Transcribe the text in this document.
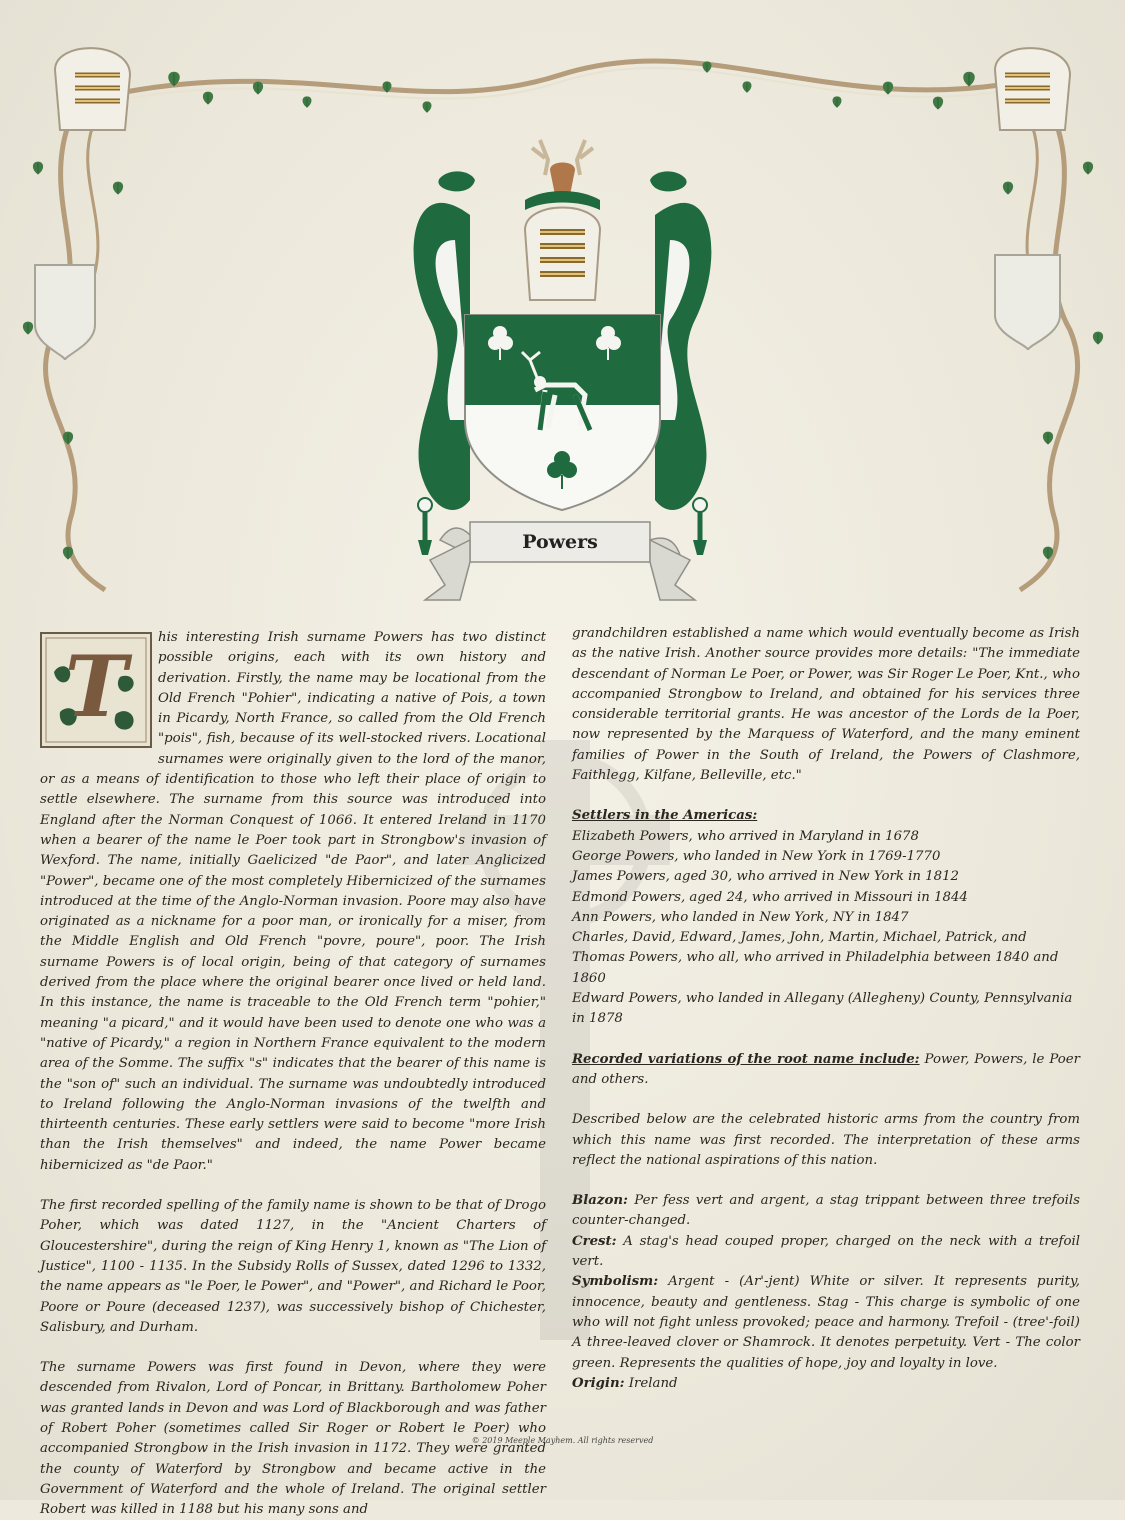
Powers
T	his interesting Irish surname Powers has two distinct possible origins, each with its own history and derivation. Firstly, the name may be locational from the Old French "Pohier", indicating a native of Pois, a town in Picardy, North France, so called from the Old French "pois", fish, because of its well-stocked rivers. Locational surnames were originally given to the lord of the manor, or as a means of identification to those who left their place of origin to settle elsewhere. The surname from this source was introduced into England after the Norman Conquest of 1066. It entered Ireland in 1170 when a bearer of the name le Poer took part in Strongbow's invasion of Wexford. The name, initially Gaelicized "de Paor", and later Anglicized "Power", became one of the most completely Hibernicized of the surnames introduced at the time of the Anglo-Norman invasion. Poore may also have originated as a nickname for a poor man, or ironically for a miser, from the Middle English and Old French "povre, poure", poor. The Irish surname Powers is of local origin, being of that category of surnames derived from the place where the original bearer once lived or held land. In this instance, the name is traceable to the Old French term "pohier," meaning "a picard," and it would have been used to denote one who was a "native of Picardy," a region in Northern France equivalent to the modern area of the Somme. The suffix "s" indicates that the bearer of this name is the "son of" such an individual. The surname was undoubtedly introduced to Ireland following the Anglo-Norman invasions of the twelfth and thirteenth centuries. These early settlers were said to become "more Irish than the Irish themselves" and indeed, the name Power became hibernicized as "de Paor."

The first recorded spelling of the family name is shown to be that of Drogo Poher, which was dated 1127, in the "Ancient Charters of Gloucestershire", during the reign of King Henry 1, known as "The Lion of Justice", 1100 - 1135. In the Subsidy Rolls of Sussex, dated 1296 to 1332, the name appears as "le Poer, le Power", and "Power", and Richard le Poor, Poore or Poure (deceased 1237), was successively bishop of Chichester, Salisbury, and Durham.

The surname Powers was first found in Devon, where they were descended from Rivalon, Lord of Poncar, in Brittany. Bartholomew Poher was granted lands in Devon and was Lord of Blackborough and was father of Robert Poher (sometimes called Sir Roger or Robert le Poer) who accompanied Strongbow in the Irish invasion in 1172. They were granted the county of Waterford by Strongbow and became active in the Government of Waterford and the whole of Ireland. The original settler Robert was killed in 1188 but his many sons and

grandchildren established a name which would eventually become as Irish as the native Irish. Another source provides more details: "The immediate descendant of Norman Le Poer, or Power, was Sir Roger Le Poer, Knt., who accompanied Strongbow to Ireland, and obtained for his services three considerable territorial grants. He was ancestor of the Lords de la Poer, now represented by the Marquess of Waterford, and the many eminent families of Power in the South of Ireland, the Powers of Clashmore, Faithlegg, Kilfane, Belleville, etc."

Settlers in the Americas:

Elizabeth Powers, who arrived in Maryland in 1678

George Powers, who landed in New York in 1769-1770

James Powers, aged 30, who arrived in New York in 1812

Edmond Powers, aged 24, who arrived in Missouri in 1844

Ann Powers, who landed in New York, NY in 1847

Charles, David, Edward, James, John, Martin, Michael, Patrick, and Thomas Powers, who all, who arrived in Philadelphia between 1840 and 1860

Edward Powers, who landed in Allegany (Allegheny) County, Pennsylvania in 1878

Recorded variations of the root name include: Power, Powers, le Poer and others.

Described below are the celebrated historic arms from the country from which this name was first recorded. The interpretation of these arms reflect the national aspirations of this nation.

Blazon: Per fess vert and argent, a stag trippant between three trefoils counter-changed.

Crest: A stag's head couped proper, charged on the neck with a trefoil vert.

Symbolism: Argent - (Ar'-jent) White or silver. It represents purity, innocence, beauty and gentleness. Stag - This charge is symbolic of one who will not fight unless provoked; peace and harmony. Trefoil - (tree'-foil) A three-leaved clover or Shamrock. It denotes perpetuity. Vert - The color green. Represents the qualities of hope, joy and loyalty in love.

Origin: Ireland

© 2019 Meeple Mayhem. All rights reserved
